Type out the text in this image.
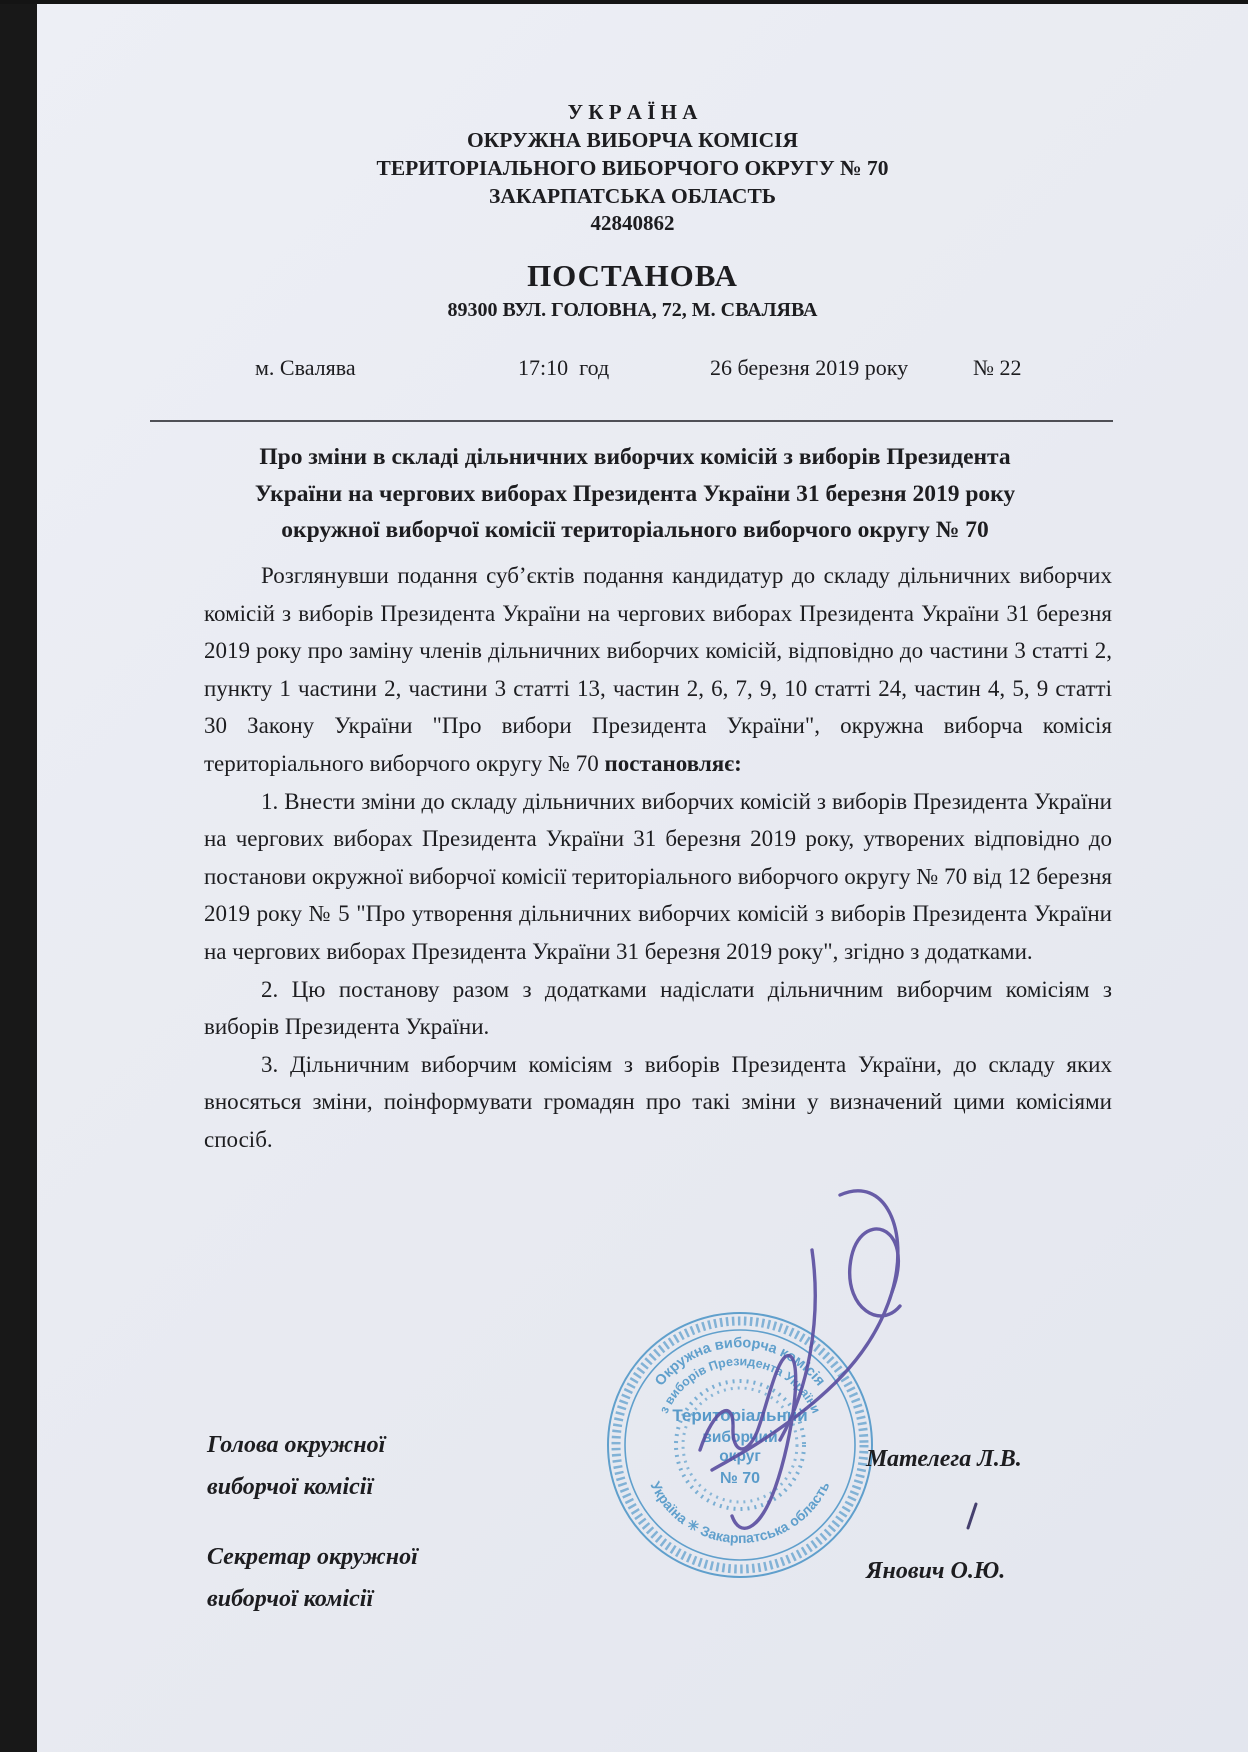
У К Р А Ї Н А
ОКРУЖНА ВИБОРЧА КОМІСІЯ
ТЕРИТОРІАЛЬНОГО ВИБОРЧОГО ОКРУГУ № 70
ЗАКАРПАТСЬКА ОБЛАСТЬ
42840862
ПОСТАНОВА
89300 ВУЛ. ГОЛОВНА, 72, М. СВАЛЯВА
м. Свалява	17:10  год	26 березня 2019 року	№ 22
Про зміни в складі дільничних виборчих комісій з виборів Президента
України на чергових виборах Президента України 31 березня 2019 року
окружної виборчої комісії територіального виборчого округу № 70

Розглянувши подання суб’єктів подання кандидатур до складу дільничних виборчих комісій з виборів Президента України на чергових виборах Президента України 31 березня 2019 року про заміну членів дільничних виборчих комісій, відповідно до частини 3 статті 2, пункту 1 частини 2, частини 3 статті 13, частин 2, 6, 7, 9, 10 статті 24, частин 4, 5, 9 статті 30 Закону України "Про вибори Президента України", окружна виборча комісія територіального виборчого округу № 70 постановляє:

1. Внести зміни до складу дільничних виборчих комісій з виборів Президента України на чергових виборах Президента України 31 березня 2019 року, утворених відповідно до постанови окружної виборчої комісії територіального виборчого округу № 70 від 12 березня 2019 року № 5 "Про утворення дільничних виборчих комісій з виборів Президента України на чергових виборах Президента України 31 березня 2019 року", згідно з додатками.

2. Цю постанову разом з додатками надіслати дільничним виборчим комісіям з виборів Президента України.

3. Дільничним виборчим комісіям з виборів Президента України, до складу яких вносяться зміни, поінформувати громадян про такі зміни у визначений цими комісіями спосіб.

Окружна виборча комісія
з виборів Президента України
Україна ✳ Закарпатська область
Територіальний
виборчий
округ
№ 70
Голова окружної
виборчої комісії
Мателега Л.В.
Секретар окружної
виборчої комісії
Янович О.Ю.
